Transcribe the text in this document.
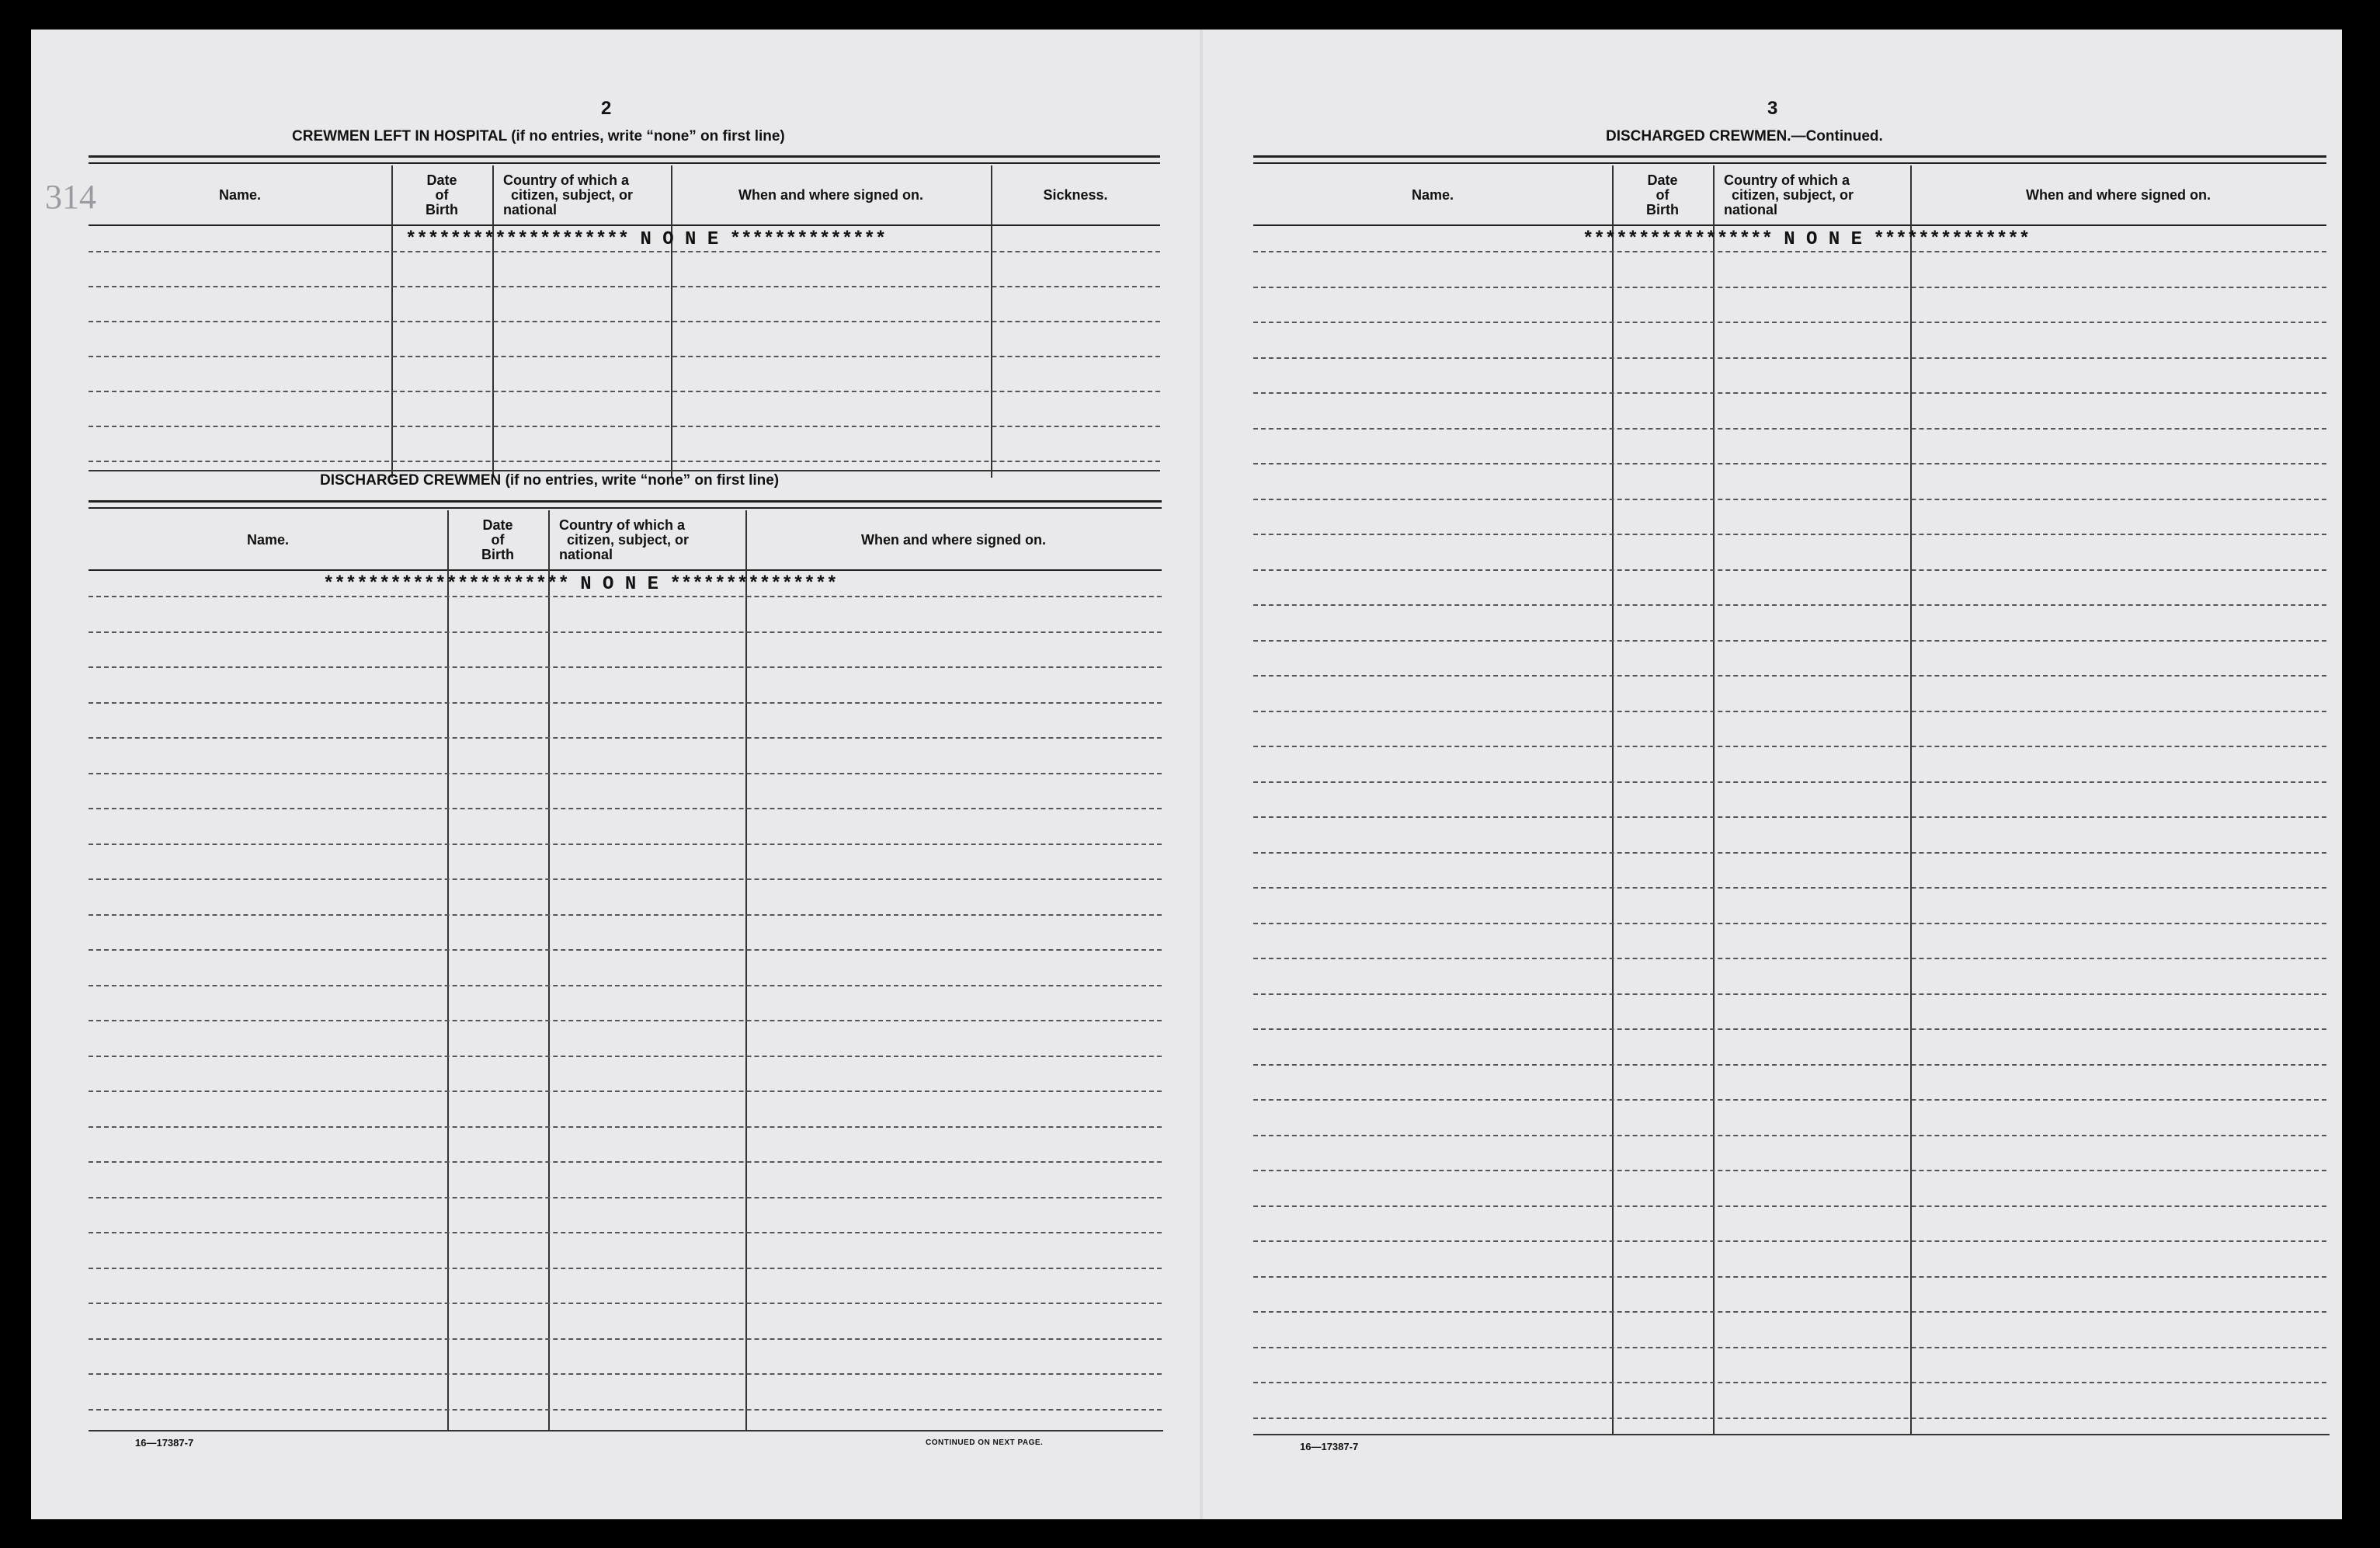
314
2
CREWMEN LEFT IN HOSPITAL (if no entries, write “none” on first line)
Name.
Date
of
Birth
Country of which a
citizen, subject, or
national
When and where signed on.	Sickness.
******************** N O N E **************
DISCHARGED CREWMEN (if no entries, write “none” on first line)
Name.
Date
of
Birth
Country of which a
citizen, subject, or
national
When and where signed on.
********************** N O N E ***************
16—17387-7	CONTINUED ON NEXT PAGE.
3
DISCHARGED CREWMEN.—Continued.
Name.
Date
of
Birth
Country of which a
citizen, subject, or
national
When and where signed on.
***************** N O N E **************
16—17387-7
